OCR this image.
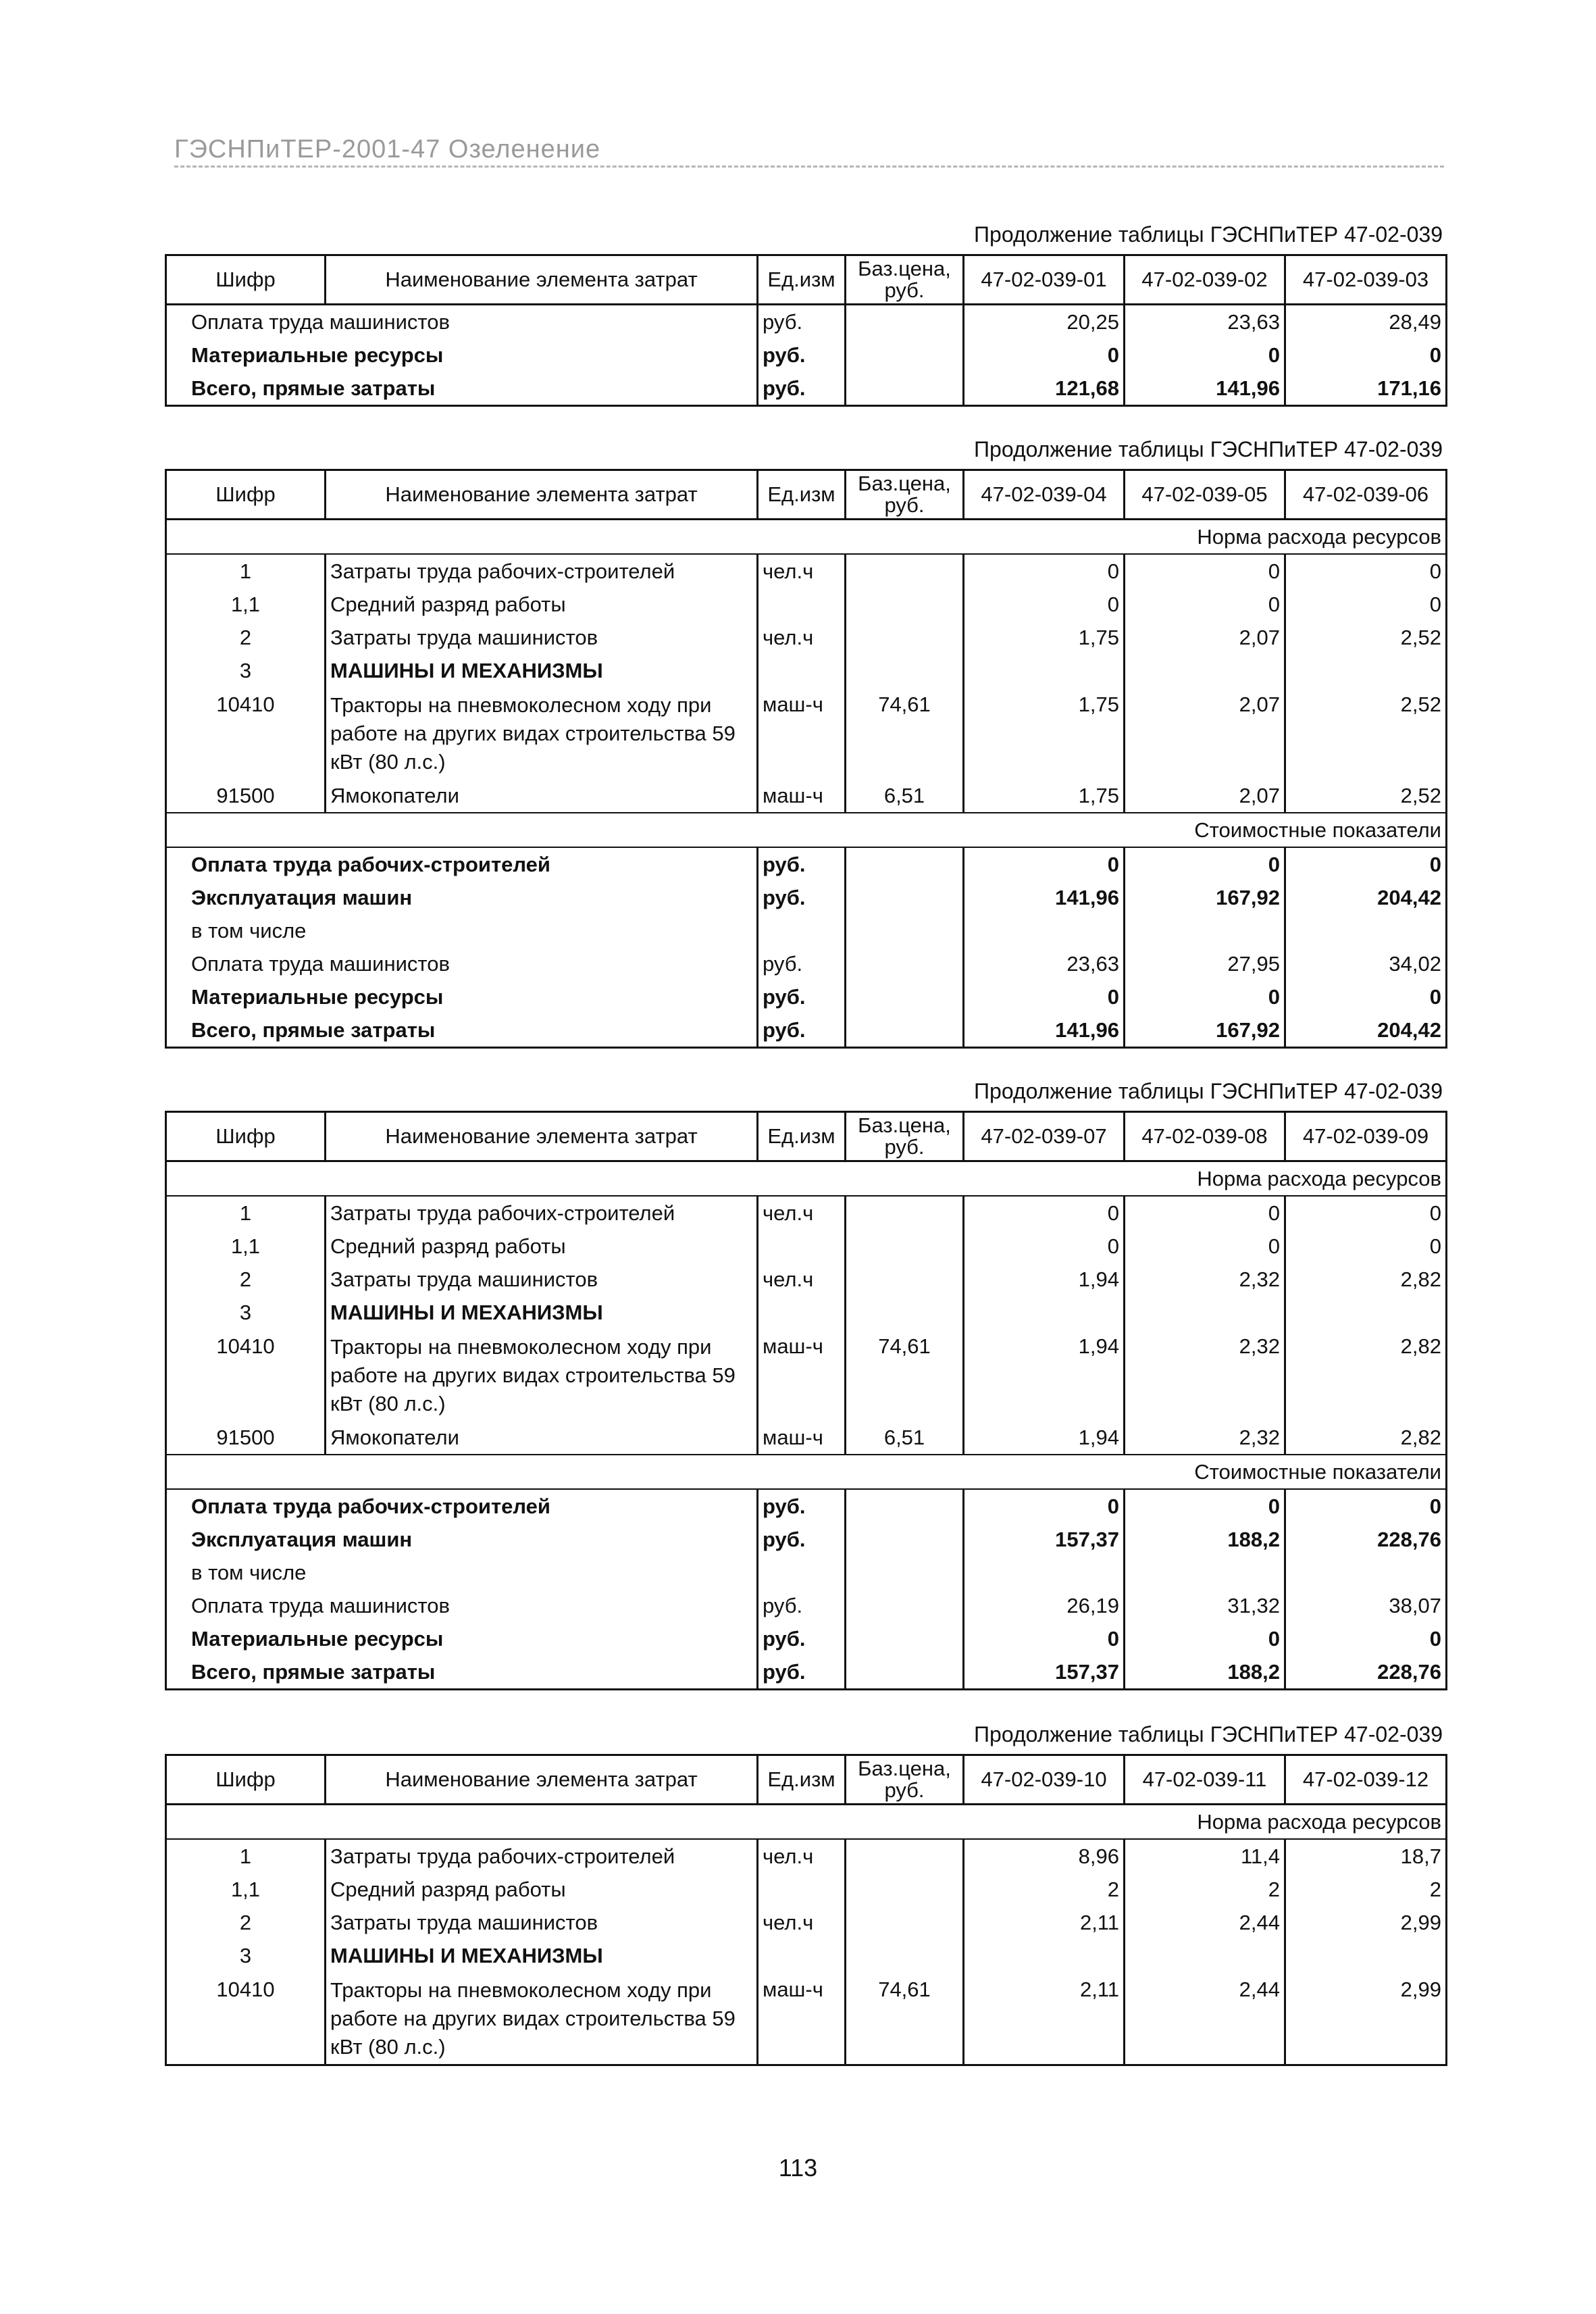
ГЭСНПиТЕР-2001-47 Озеленение
Продолжение таблицы ГЭСНПиТЕР 47-02-039
Шифр	Наименование элемента затрат	Ед.изм	Баз.цена, руб.	47-02-039-01	47-02-039-02	47-02-039-03
Оплата труда машинистов		руб.		20,25	23,63	28,49
Материальные ресурсы		руб.		0	0	0
Всего, прямые затраты		руб.		121,68	141,96	171,16
Продолжение таблицы ГЭСНПиТЕР 47-02-039
Шифр	Наименование элемента затрат	Ед.изм	Баз.цена, руб.	47-02-039-04	47-02-039-05	47-02-039-06
Норма расхода ресурсов						
1	Затраты труда рабочих-строителей	чел.ч		0	0	0
1,1	Средний разряд работы			0	0	0
2	Затраты труда машинистов	чел.ч		1,75	2,07	2,52
3	МАШИНЫ И МЕХАНИЗМЫ					
10410	Тракторы на пневмоколесном ходу при работе на других видах строительства 59 кВт (80 л.с.)	маш-ч	74,61	1,75	2,07	2,52
91500	Ямокопатели	маш-ч	6,51	1,75	2,07	2,52
Стоимостные показатели						
Оплата труда рабочих-строителей		руб.		0	0	0
Эксплуатация машин		руб.		141,96	167,92	204,42
в том числе						
Оплата труда машинистов		руб.		23,63	27,95	34,02
Материальные ресурсы		руб.		0	0	0
Всего, прямые затраты		руб.		141,96	167,92	204,42
Продолжение таблицы ГЭСНПиТЕР 47-02-039
Шифр	Наименование элемента затрат	Ед.изм	Баз.цена, руб.	47-02-039-07	47-02-039-08	47-02-039-09
Норма расхода ресурсов						
1	Затраты труда рабочих-строителей	чел.ч		0	0	0
1,1	Средний разряд работы			0	0	0
2	Затраты труда машинистов	чел.ч		1,94	2,32	2,82
3	МАШИНЫ И МЕХАНИЗМЫ					
10410	Тракторы на пневмоколесном ходу при работе на других видах строительства 59 кВт (80 л.с.)	маш-ч	74,61	1,94	2,32	2,82
91500	Ямокопатели	маш-ч	6,51	1,94	2,32	2,82
Стоимостные показатели						
Оплата труда рабочих-строителей		руб.		0	0	0
Эксплуатация машин		руб.		157,37	188,2	228,76
в том числе						
Оплата труда машинистов		руб.		26,19	31,32	38,07
Материальные ресурсы		руб.		0	0	0
Всего, прямые затраты		руб.		157,37	188,2	228,76
Продолжение таблицы ГЭСНПиТЕР 47-02-039
Шифр	Наименование элемента затрат	Ед.изм	Баз.цена, руб.	47-02-039-10	47-02-039-11	47-02-039-12
Норма расхода ресурсов						
1	Затраты труда рабочих-строителей	чел.ч		8,96	11,4	18,7
1,1	Средний разряд работы			2	2	2
2	Затраты труда машинистов	чел.ч		2,11	2,44	2,99
3	МАШИНЫ И МЕХАНИЗМЫ					
10410	Тракторы на пневмоколесном ходу при работе на других видах строительства 59 кВт (80 л.с.)	маш-ч	74,61	2,11	2,44	2,99
113
